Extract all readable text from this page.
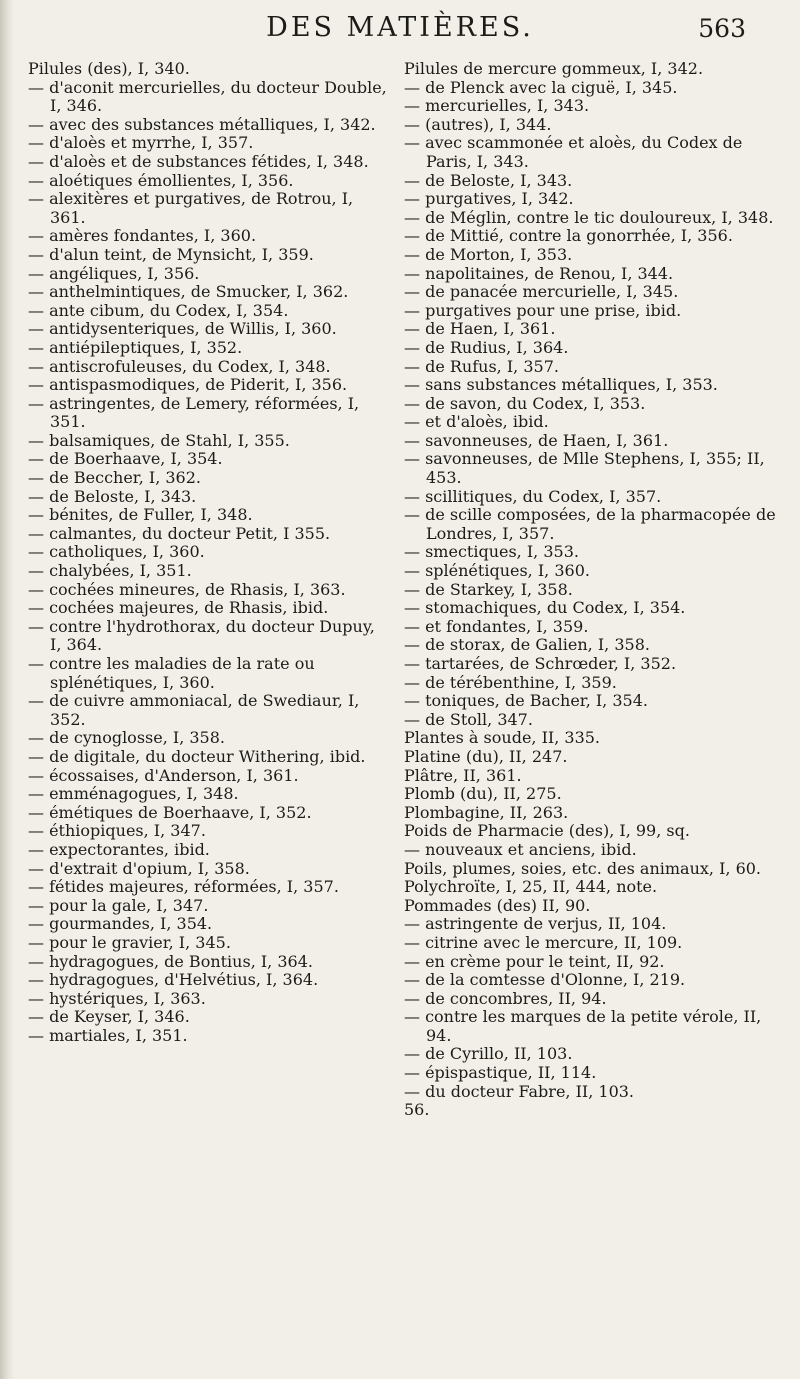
DES MATIÈRES.	563

Pilules (des), I, 340.

— d'aconit mercurielles, du docteur Double, I, 346.

— avec des substances métalliques, I, 342.

— d'aloès et myrrhe, I, 357.

— d'aloès et de substances fétides, I, 348.

— aloétiques émollientes, I, 356.

— alexitères et purgatives, de Rotrou, I, 361.

— amères fondantes, I, 360.

— d'alun teint, de Mynsicht, I, 359.

— angéliques, I, 356.

— anthelmintiques, de Smucker, I, 362.

— ante cibum, du Codex, I, 354.

— antidysenteriques, de Willis, I, 360.

— antiépileptiques, I, 352.

— antiscrofuleuses, du Codex, I, 348.

— antispasmodiques, de Piderit, I, 356.

— astringentes, de Lemery, réformées, I, 351.

— balsamiques, de Stahl, I, 355.

— de Boerhaave, I, 354.

— de Beccher, I, 362.

— de Beloste, I, 343.

— bénites, de Fuller, I, 348.

— calmantes, du docteur Petit, I 355.

— catholiques, I, 360.

— chalybées, I, 351.

— cochées mineures, de Rhasis, I, 363.

— cochées majeures, de Rhasis, ibid.

— contre l'hydrothorax, du docteur Dupuy, I, 364.

— contre les maladies de la rate ou splénétiques, I, 360.

— de cuivre ammoniacal, de Swediaur, I, 352.

— de cynoglosse, I, 358.

— de digitale, du docteur Withering, ibid.

— écossaises, d'Anderson, I, 361.

— emménagogues, I, 348.

— émétiques de Boerhaave, I, 352.

— éthiopiques, I, 347.

— expectorantes, ibid.

— d'extrait d'opium, I, 358.

— fétides majeures, réformées, I, 357.

— pour la gale, I, 347.

— gourmandes, I, 354.

— pour le gravier, I, 345.

— hydragogues, de Bontius, I, 364.

— hydragogues, d'Helvétius, I, 364.

— hystériques, I, 363.

— de Keyser, I, 346.

— martiales, I, 351.

Pilules de mercure gommeux, I, 342.

— de Plenck avec la ciguë, I, 345.

— mercurielles, I, 343.

— (autres), I, 344.

— avec scammonée et aloès, du Codex de Paris, I, 343.

— de Beloste, I, 343.

— purgatives, I, 342.

— de Méglin, contre le tic douloureux, I, 348.

— de Mittié, contre la gonorrhée, I, 356.

— de Morton, I, 353.

— napolitaines, de Renou, I, 344.

— de panacée mercurielle, I, 345.

— purgatives pour une prise, ibid.

— de Haen, I, 361.

— de Rudius, I, 364.

— de Rufus, I, 357.

— sans substances métalliques, I, 353.

— de savon, du Codex, I, 353.

— et d'aloès, ibid.

— savonneuses, de Haen, I, 361.

— savonneuses, de Mlle Stephens, I, 355; II, 453.

— scillitiques, du Codex, I, 357.

— de scille composées, de la pharmacopée de Londres, I, 357.

— smectiques, I, 353.

— splénétiques, I, 360.

— de Starkey, I, 358.

— stomachiques, du Codex, I, 354.

— et fondantes, I, 359.

— de storax, de Galien, I, 358.

— tartarées, de Schrœder, I, 352.

— de térébenthine, I, 359.

— toniques, de Bacher, I, 354.

— de Stoll, 347.

Plantes à soude, II, 335.

Platine (du), II, 247.

Plâtre, II, 361.

Plomb (du), II, 275.

Plombagine, II, 263.

Poids de Pharmacie (des), I, 99, sq.

— nouveaux et anciens, ibid.

Poils, plumes, soies, etc. des animaux, I, 60.

Polychroïte, I, 25, II, 444, note.

Pommades (des) II, 90.

— astringente de verjus, II, 104.

— citrine avec le mercure, II, 109.

— en crème pour le teint, II, 92.

— de la comtesse d'Olonne, I, 219.

— de concombres, II, 94.

— contre les marques de la petite vérole, II, 94.

— de Cyrillo, II, 103.

— épispastique, II, 114.

— du docteur Fabre, II, 103.

56.
